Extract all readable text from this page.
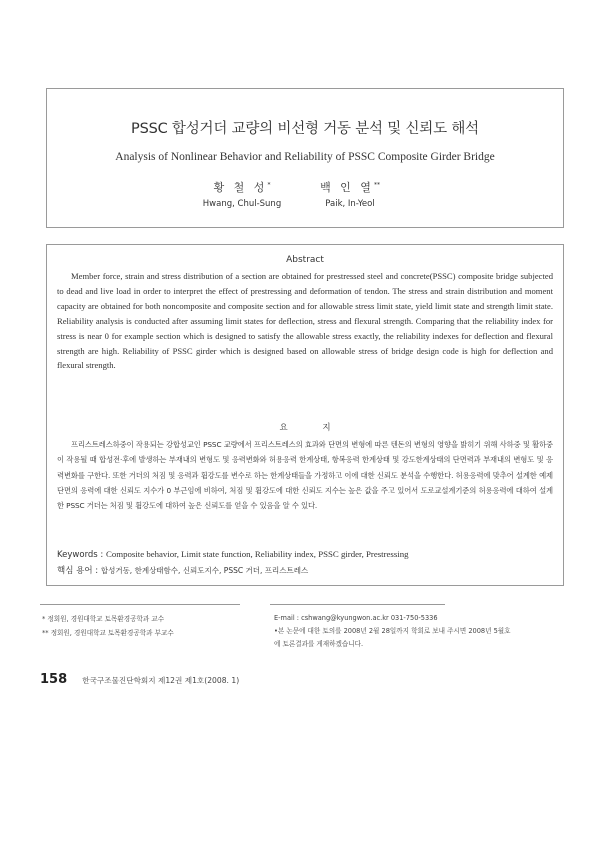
PSSC 합성거더 교량의 비선형 거동 분석 및 신뢰도 해석
Analysis of Nonlinear Behavior and Reliability of PSSC Composite Girder Bridge
황 철 성*
Hwang, Chul-Sung
백 인 열**
Paik, In-Yeol
Abstract
Member force, strain and stress distribution of a section are obtained for prestressed steel and concrete(PSSC) composite bridge subjected to dead and live load in order to interpret the effect of prestressing and deformation of tendon. The stress and strain distribution and moment capacity are obtained for both noncomposite and composite section and for allowable stress limit state, yield limit state and strength limit state. Reliability analysis is conducted after assuming limit states for deflection, stress and flexural strength. Comparing that the reliability index for stress is near 0 for example section which is designed to satisfy the allowable stress exactly, the reliability indexes for deflection and flexural strength are high. Reliability of PSSC girder which is designed based on allowable stress of bridge design code is high for deflection and flexural strength.
요 지
프리스트레스하중이 작용되는 강합성교인 PSSC 교량에서 프리스트레스의 효과와 단면의 변형에 따른 텐돈의 변형의 영향을 밝히기 위해 사하중 및 활하중이 작용될 때 합성전·후에 발생하는 부재내의 변형도 및 응력변화와 허용응력 한계상태, 항복응력 한계상태 및 강도한계상태의 단면력과 부재내의 변형도 및 응력변화를 구한다. 또한 거더의 처짐 및 응력과 휨강도를 변수로 하는 한계상태들을 가정하고 이에 대한 신뢰도 분석을 수행한다. 허용응력에 맞추어 설계한 예제 단면의 응력에 대한 신뢰도 지수가 0 부근임에 비하여, 처짐 및 휨강도에 대한 신뢰도 지수는 높은 값을 주고 있어서 도로교설계기준의 허용응력에 대하여 설계한 PSSC 거더는 처짐 및 휨강도에 대하여 높은 신뢰도를 얻을 수 있음을 알 수 있다.
Keywords : Composite behavior, Limit state function, Reliability index, PSSC girder, Prestressing
핵심 용어 : 합성거동, 한계상태함수, 신뢰도지수, PSSC 거더, 프리스트레스
* 정회원, 경원대학교 토목환경공학과 교수
** 정회원, 경원대학교 토목환경공학과 부교수
E-mail : cshwang@kyungwon.ac.kr 031-750-5336
•본 논문에 대한 토의를 2008년 2월 28일까지 학회로 보내 주시면 2008년 5월호에 토론결과를 게재하겠습니다.
158 한국구조물진단학회지 제12권 제1호(2008. 1)
